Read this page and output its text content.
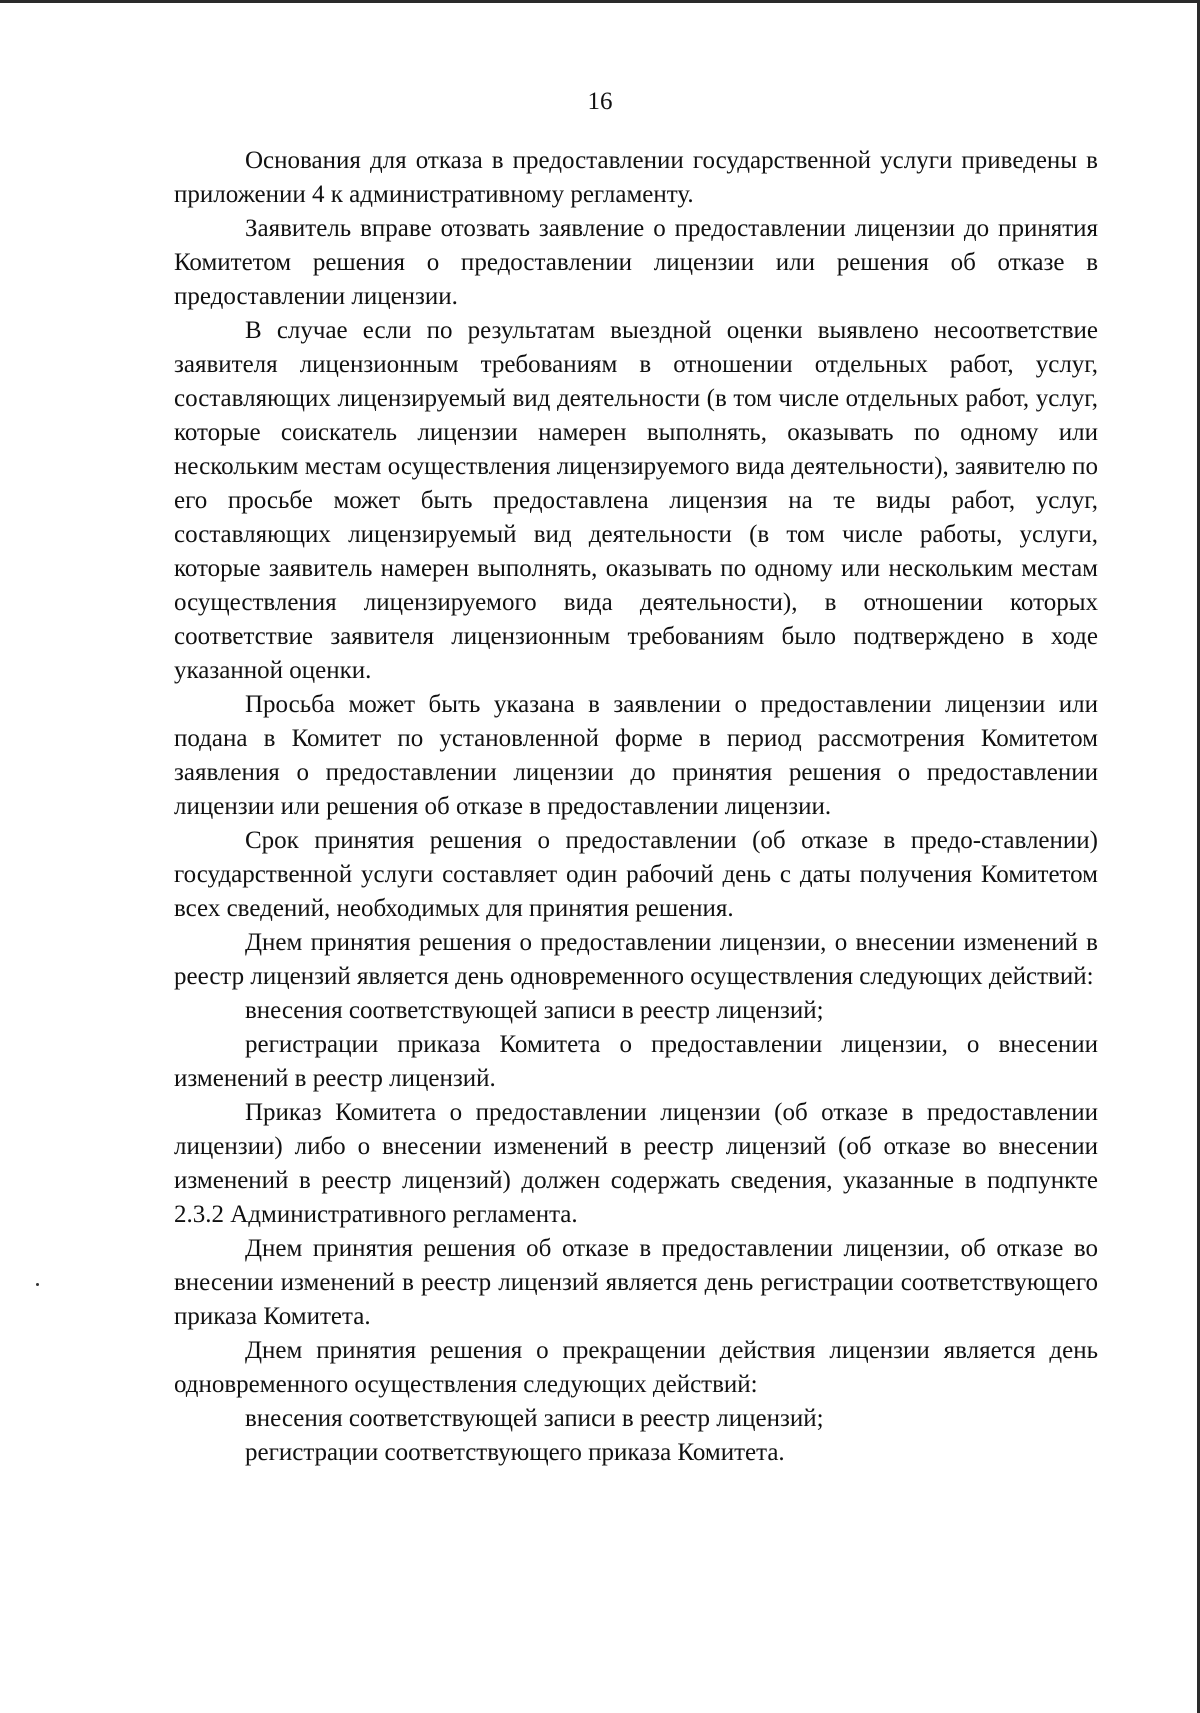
16

Основания для отказа в предоставлении государственной услуги приведены в приложении 4 к административному регламенту.

Заявитель вправе отозвать заявление о предоставлении лицензии до принятия Комитетом решения о предоставлении лицензии или решения об отказе в предоставлении лицензии.

В случае если по результатам выездной оценки выявлено несоответствие заявителя лицензионным требованиям в отношении отдельных работ, услуг, составляющих лицензируемый вид деятельности (в том числе отдельных работ, услуг, которые соискатель лицензии намерен выполнять, оказывать по одному или нескольким местам осуществления лицензируемого вида деятельности), заявителю по его просьбе может быть предоставлена лицензия на те виды работ, услуг, составляющих лицензируемый вид деятельности (в том числе работы, услуги, которые заявитель намерен выполнять, оказывать по одному или нескольким местам осуществления лицензируемого вида деятельности), в отношении которых соответствие заявителя лицензионным требованиям было подтверждено в ходе указанной оценки.

Просьба может быть указана в заявлении о предоставлении лицензии или подана в Комитет по установленной форме в период рассмотрения Комитетом заявления о предоставлении лицензии до принятия решения о предоставлении лицензии или решения об отказе в предоставлении лицензии.

Срок принятия решения о предоставлении (об отказе в предо-ставлении) государственной услуги составляет один рабочий день с даты получения Комитетом всех сведений, необходимых для принятия решения.

Днем принятия решения о предоставлении лицензии, о внесении изменений в реестр лицензий является день одновременного осуществления следующих действий:

внесения соответствующей записи в реестр лицензий;

регистрации приказа Комитета о предоставлении лицензии, о внесении изменений в реестр лицензий.

Приказ Комитета о предоставлении лицензии (об отказе в предоставлении лицензии) либо о внесении изменений в реестр лицензий (об отказе во внесении изменений в реестр лицензий) должен содержать сведения, указанные в подпункте 2.3.2 Административного регламента.

Днем принятия решения об отказе в предоставлении лицензии, об отказе во внесении изменений в реестр лицензий является день регистрации соответствующего приказа Комитета.

Днем принятия решения о прекращении действия лицензии является день одновременного осуществления следующих действий:

внесения соответствующей записи в реестр лицензий;

регистрации соответствующего приказа Комитета.
